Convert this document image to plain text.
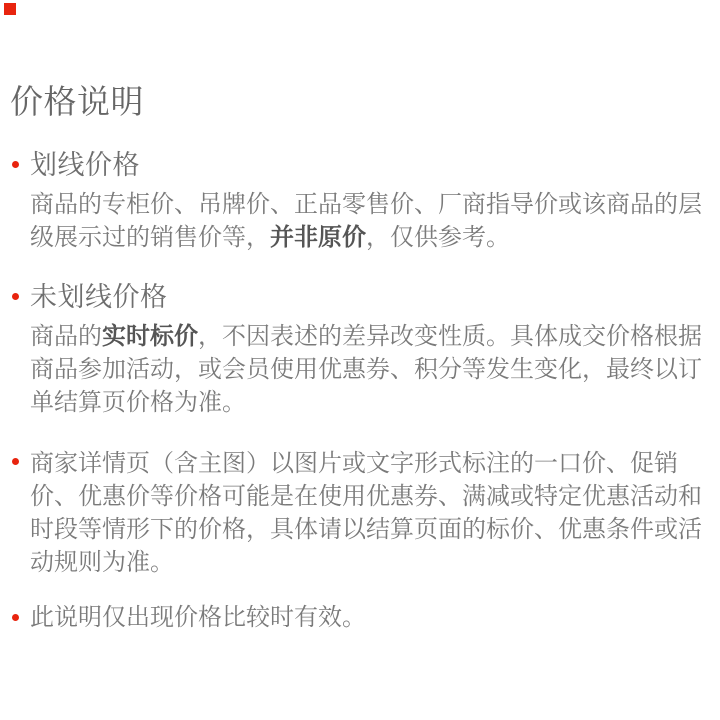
价格说明
划线价格
商品的专柜价、吊牌价、正品零售价、厂商指导价或该商品的层
级展示过的销售价等，并非原价，仅供参考。
未划线价格
商品的实时标价，不因表述的差异改变性质。具体成交价格根据
商品参加活动，或会员使用优惠券、积分等发生变化，最终以订
单结算页价格为准。
商家详情页（含主图）以图片或文字形式标注的一口价、促销
价、优惠价等价格可能是在使用优惠券、满减或特定优惠活动和
时段等情形下的价格，具体请以结算页面的标价、优惠条件或活
动规则为准。
此说明仅出现价格比较时有效。
